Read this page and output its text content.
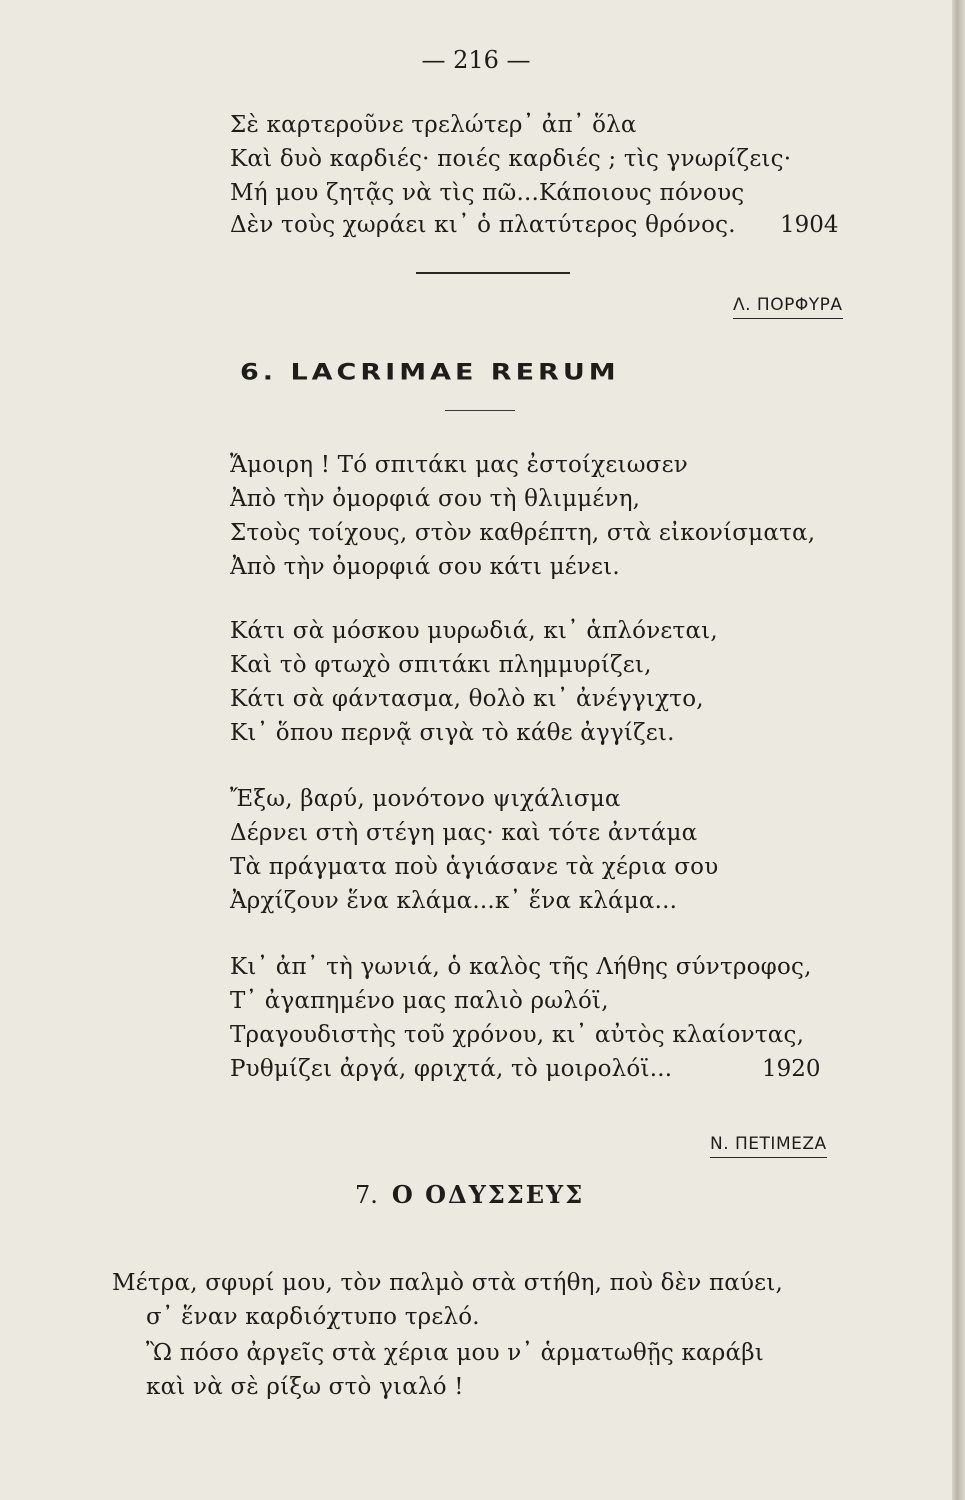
— 216 —
Σὲ καρτεροῦνε τρελώτερ᾽ ἀπ᾽ ὅλα
Καὶ δυὸ καρδιές· ποιές καρδιές ; τὶς γνωρίζεις·
Μή μου ζητᾷς νὰ τὶς πῶ...Κάποιους πόνους
Δὲν τοὺς χωράει κι᾽ ὁ πλατύτερος θρόνος. 1904
Λ. ΠΟΡΦΥΡΑ
6. LACRIMAE RERUM
Ἄμοιρη ! Τό σπιτάκι μας ἐστοίχειωσεν
Ἀπὸ τὴν ὀμορφιά σου τὴ θλιμμένη,
Στοὺς τοίχους, στὸν καθρέπτη, στὰ εἰκονίσματα,
Ἀπὸ τὴν ὀμορφιά σου κάτι μένει.
Κάτι σὰ μόσκου μυρωδιά, κι᾽ ἁπλόνεται,
Καὶ τὸ φτωχὸ σπιτάκι πλημμυρίζει,
Κάτι σὰ φάντασμα, θολὸ κι᾽ ἀνέγγιχτο,
Κι᾽ ὅπου περνᾷ σιγὰ τὸ κάθε ἀγγίζει.
Ἔξω, βαρύ, μονότονο ψιχάλισμα
Δέρνει στὴ στέγη μας· καὶ τότε ἀντάμα
Τὰ πράγματα ποὺ ἁγιάσανε τὰ χέρια σου
Ἀρχίζουν ἕνα κλάμα...κ᾽ ἕνα κλάμα...
Κι᾽ ἀπ᾽ τὴ γωνιά, ὁ καλὸς τῆς Λήθης σύντροφος,
Τ᾽ ἀγαπημένο μας παλιὸ ρωλόϊ,
Τραγουδιστὴς τοῦ χρόνου, κι᾽ αὐτὸς κλαίοντας,
Ρυθμίζει ἀργά, φριχτά, τὸ μοιρολόϊ...	1920
Ν. ΠΕΤΙΜΕΖΑ
7. Ο ΟΔΥΣΣΕΥΣ
Μέτρα, σφυρί μου, τὸν παλμὸ στὰ στήθη, ποὺ δὲν παύει,
σ᾽ ἕναν καρδιόχτυπο τρελό.
Ὢ πόσο ἀργεῖς στὰ χέρια μου ν᾽ ἁρματωθῇς καράβι
καὶ νὰ σὲ ρίξω στὸ γιαλό !
